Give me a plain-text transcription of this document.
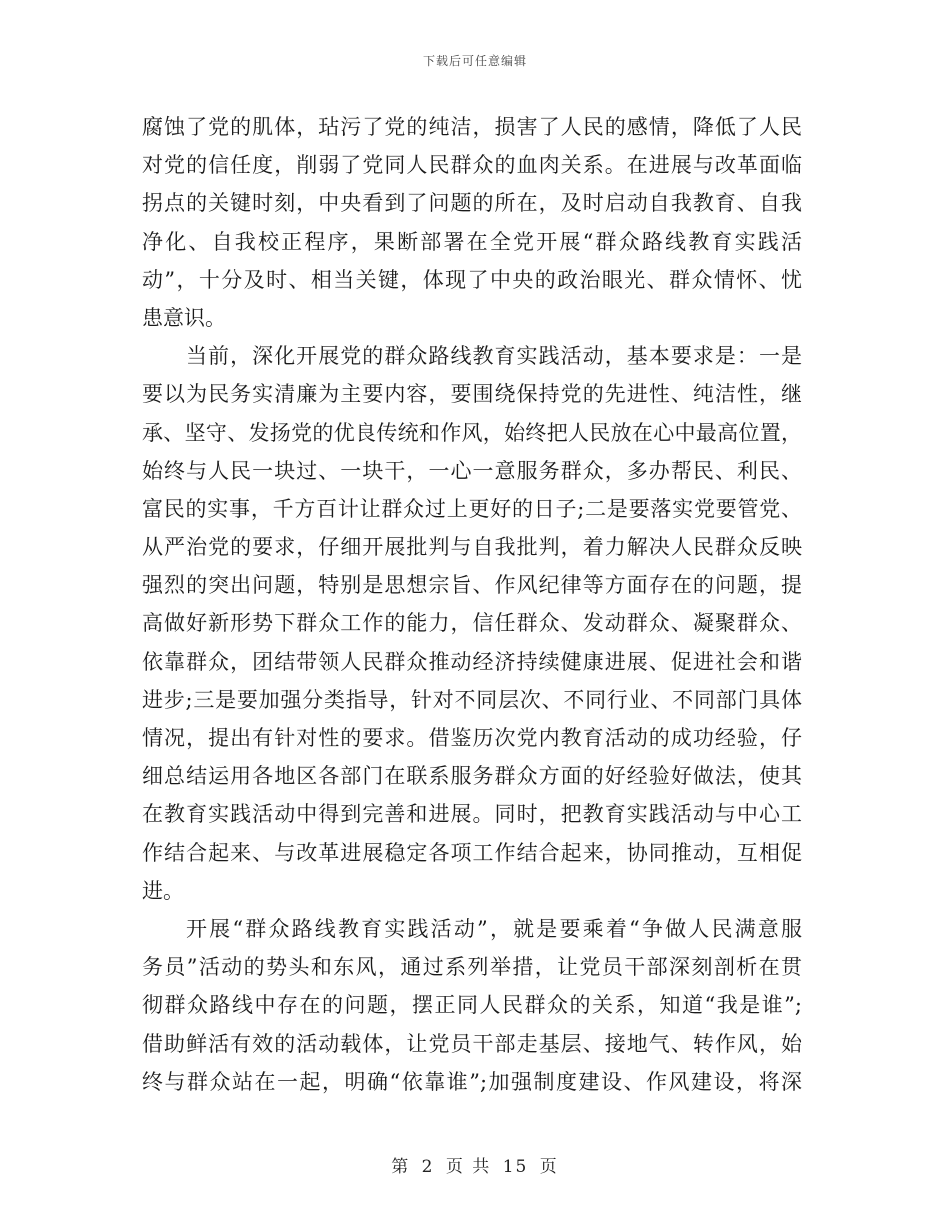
下载后可任意编辑
腐蚀了党的肌体，玷污了党的纯洁，损害了人民的感情，降低了人民
对党的信任度，削弱了党同人民群众的血肉关系。在进展与改革面临
拐点的关键时刻，中央看到了问题的所在，及时启动自我教育、自我
净化、自我校正程序，果断部署在全党开展“群众路线教育实践活
动”，十分及时、相当关键，体现了中央的政治眼光、群众情怀、忧
患意识。
当前，深化开展党的群众路线教育实践活动，基本要求是：一是
要以为民务实清廉为主要内容，要围绕保持党的先进性、纯洁性，继
承、坚守、发扬党的优良传统和作风，始终把人民放在心中最高位置，
始终与人民一块过、一块干，一心一意服务群众，多办帮民、利民、
富民的实事，千方百计让群众过上更好的日子;二是要落实党要管党、
从严治党的要求，仔细开展批判与自我批判，着力解决人民群众反映
强烈的突出问题，特别是思想宗旨、作风纪律等方面存在的问题，提
高做好新形势下群众工作的能力，信任群众、发动群众、凝聚群众、
依靠群众，团结带领人民群众推动经济持续健康进展、促进社会和谐
进步;三是要加强分类指导，针对不同层次、不同行业、不同部门具体
情况，提出有针对性的要求。借鉴历次党内教育活动的成功经验，仔
细总结运用各地区各部门在联系服务群众方面的好经验好做法，使其
在教育实践活动中得到完善和进展。同时，把教育实践活动与中心工
作结合起来、与改革进展稳定各项工作结合起来，协同推动，互相促
进。
开展“群众路线教育实践活动”，就是要乘着“争做人民满意服
务员”活动的势头和东风，通过系列举措，让党员干部深刻剖析在贯
彻群众路线中存在的问题，摆正同人民群众的关系，知道“我是谁”;
借助鲜活有效的活动载体，让党员干部走基层、接地气、转作风，始
终与群众站在一起，明确“依靠谁”;加强制度建设、作风建设，将深
第 2 页 共 15 页
